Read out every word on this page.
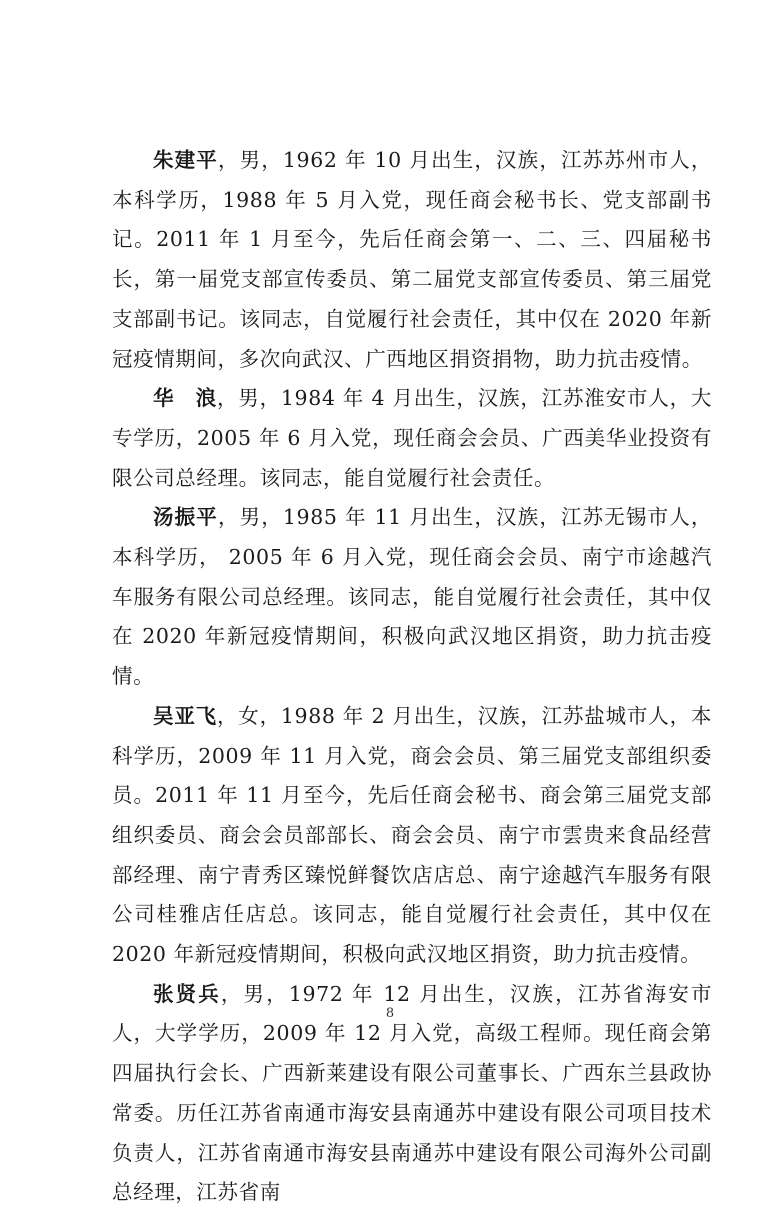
朱建平，男，1962 年 10 月出生，汉族，江苏苏州市人，本科学历，1988 年 5 月入党，现任商会秘书长、党支部副书记。2011 年 1 月至今，先后任商会第一、二、三、四届秘书长，第一届党支部宣传委员、第二届党支部宣传委员、第三届党支部副书记。该同志，自觉履行社会责任，其中仅在 2020 年新冠疫情期间，多次向武汉、广西地区捐资捐物，助力抗击疫情。

华　浪，男，1984 年 4 月出生，汉族，江苏淮安市人，大专学历，2005 年 6 月入党，现任商会会员、广西美华业投资有限公司总经理。该同志，能自觉履行社会责任。

汤振平，男，1985 年 11 月出生，汉族，江苏无锡市人，本科学历， 2005 年 6 月入党，现任商会会员、南宁市途越汽车服务有限公司总经理。该同志，能自觉履行社会责任，其中仅在 2020 年新冠疫情期间，积极向武汉地区捐资，助力抗击疫情。

吴亚飞，女，1988 年 2 月出生，汉族，江苏盐城市人，本科学历，2009 年 11 月入党，商会会员、第三届党支部组织委员。2011 年 11 月至今，先后任商会秘书、商会第三届党支部组织委员、商会会员部部长、商会会员、南宁市雲贵来食品经营部经理、南宁青秀区臻悦鲜餐饮店店总、南宁途越汽车服务有限公司桂雅店任店总。该同志，能自觉履行社会责任，其中仅在 2020 年新冠疫情期间，积极向武汉地区捐资，助力抗击疫情。

张贤兵，男，1972 年 12 月出生，汉族，江苏省海安市人，大学学历，2009 年 12 月入党，高级工程师。现任商会第四届执行会长、广西新莱建设有限公司董事长、广西东兰县政协常委。历任江苏省南通市海安县南通苏中建设有限公司项目技术负责人，江苏省南通市海安县南通苏中建设有限公司海外公司副总经理，江苏省南

8
